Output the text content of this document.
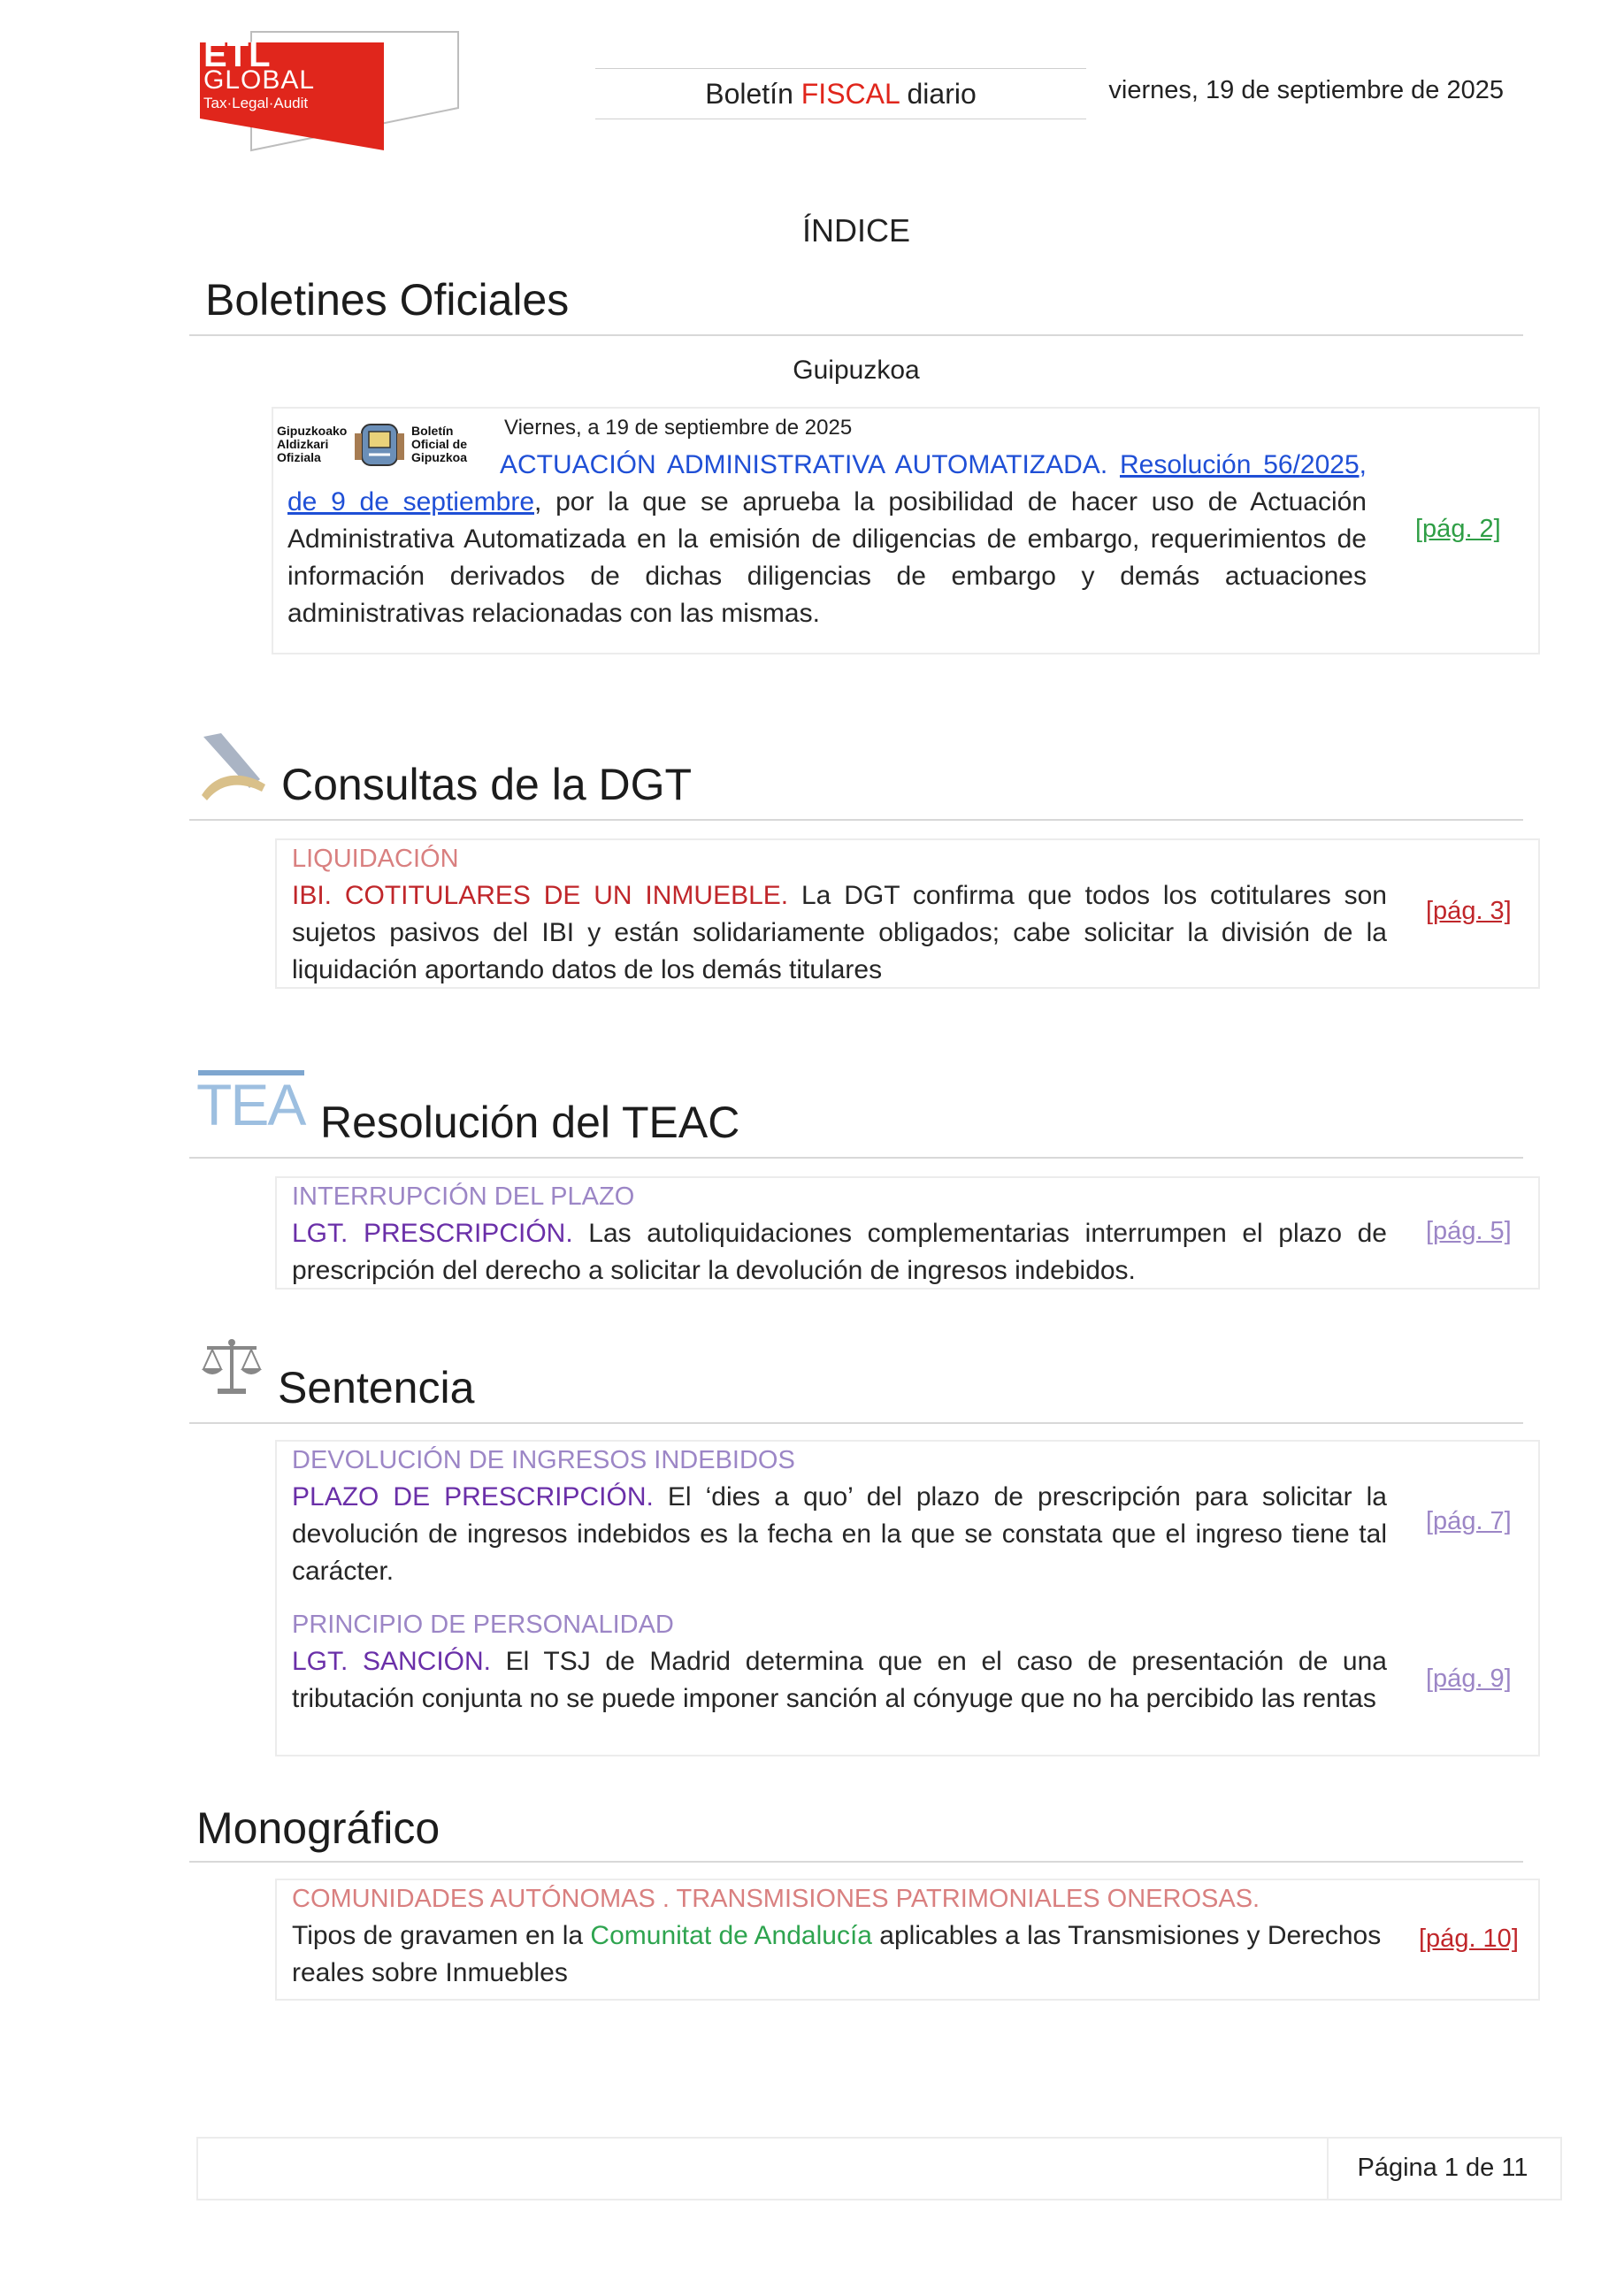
ETL
GLOBAL
Tax·Legal·Audit	Boletín FISCAL diario	viernes, 19 de septiembre de 2025
ÍNDICE
Boletines Oficiales
Guipuzkoa
Gipuzkoako
Aldizkari
Ofiziala
Boletín
Oficial de
Gipuzkoa
Viernes, a 19 de septiembre de 2025
ACTUACIÓN ADMINISTRATIVA AUTOMATIZADA. Resolución 56/2025, de 9 de septiembre, por la que se aprueba la posibilidad de hacer uso de Actuación Administrativa Automatizada en la emisión de diligencias de embargo, requerimientos de información derivados de dichas diligencias de embargo y demás actuaciones administrativas relacionadas con las mismas.
[pág. 2]
Consultas de la DGT
LIQUIDACIÓN
IBI. COTITULARES DE UN INMUEBLE. La DGT confirma que todos los cotitulares son sujetos pasivos del IBI y están solidariamente obligados; cabe solicitar la división de la liquidación aportando datos de los demás titulares
[pág. 3]
TEA Resolución del TEAC
INTERRUPCIÓN DEL PLAZO
LGT. PRESCRIPCIÓN. Las autoliquidaciones complementarias interrumpen el plazo de prescripción del derecho a solicitar la devolución de ingresos indebidos.
[pág. 5]
Sentencia
DEVOLUCIÓN DE INGRESOS INDEBIDOS
PLAZO DE PRESCRIPCIÓN. El ‘dies a quo’ del plazo de prescripción para solicitar la devolución de ingresos indebidos es la fecha en la que se constata que el ingreso tiene tal carácter.
[pág. 7]
PRINCIPIO DE PERSONALIDAD
LGT. SANCIÓN. El TSJ de Madrid determina que en el caso de presentación de una tributación conjunta no se puede imponer sanción al cónyuge que no ha percibido las rentas
[pág. 9]
Monográfico
COMUNIDADES AUTÓNOMAS . TRANSMISIONES PATRIMONIALES ONEROSAS.
Tipos de gravamen en la Comunitat de Andalucía aplicables a las Transmisiones y Derechos reales sobre Inmuebles
[pág. 10]
Página 1 de 11
